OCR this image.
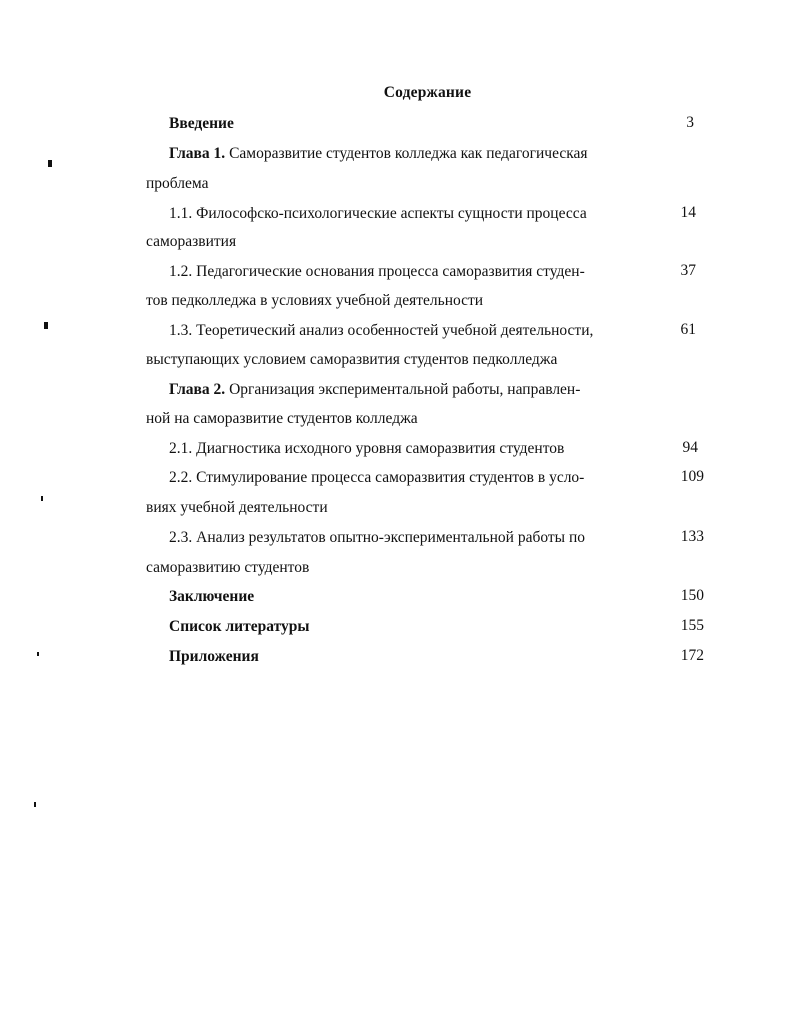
Содержание
Введение	3
Глава 1. Саморазвитие студентов колледжа как педагогическая
проблема
1.1. Философско-психологические аспекты сущности процесса	14
саморазвития
1.2. Педагогические основания процесса саморазвития студен-	37
тов педколледжа в условиях учебной деятельности
1.3. Теоретический анализ особенностей учебной деятельности,	61
выступающих условием саморазвития студентов педколледжа
Глава 2. Организация экспериментальной работы, направлен-
ной на саморазвитие студентов колледжа
2.1. Диагностика исходного уровня саморазвития студентов	94
2.2. Стимулирование процесса саморазвития студентов в усло-	109
виях учебной деятельности
2.3. Анализ результатов опытно-экспериментальной работы по	133
саморазвитию студентов
Заключение	150
Список литературы	155
Приложения	172
